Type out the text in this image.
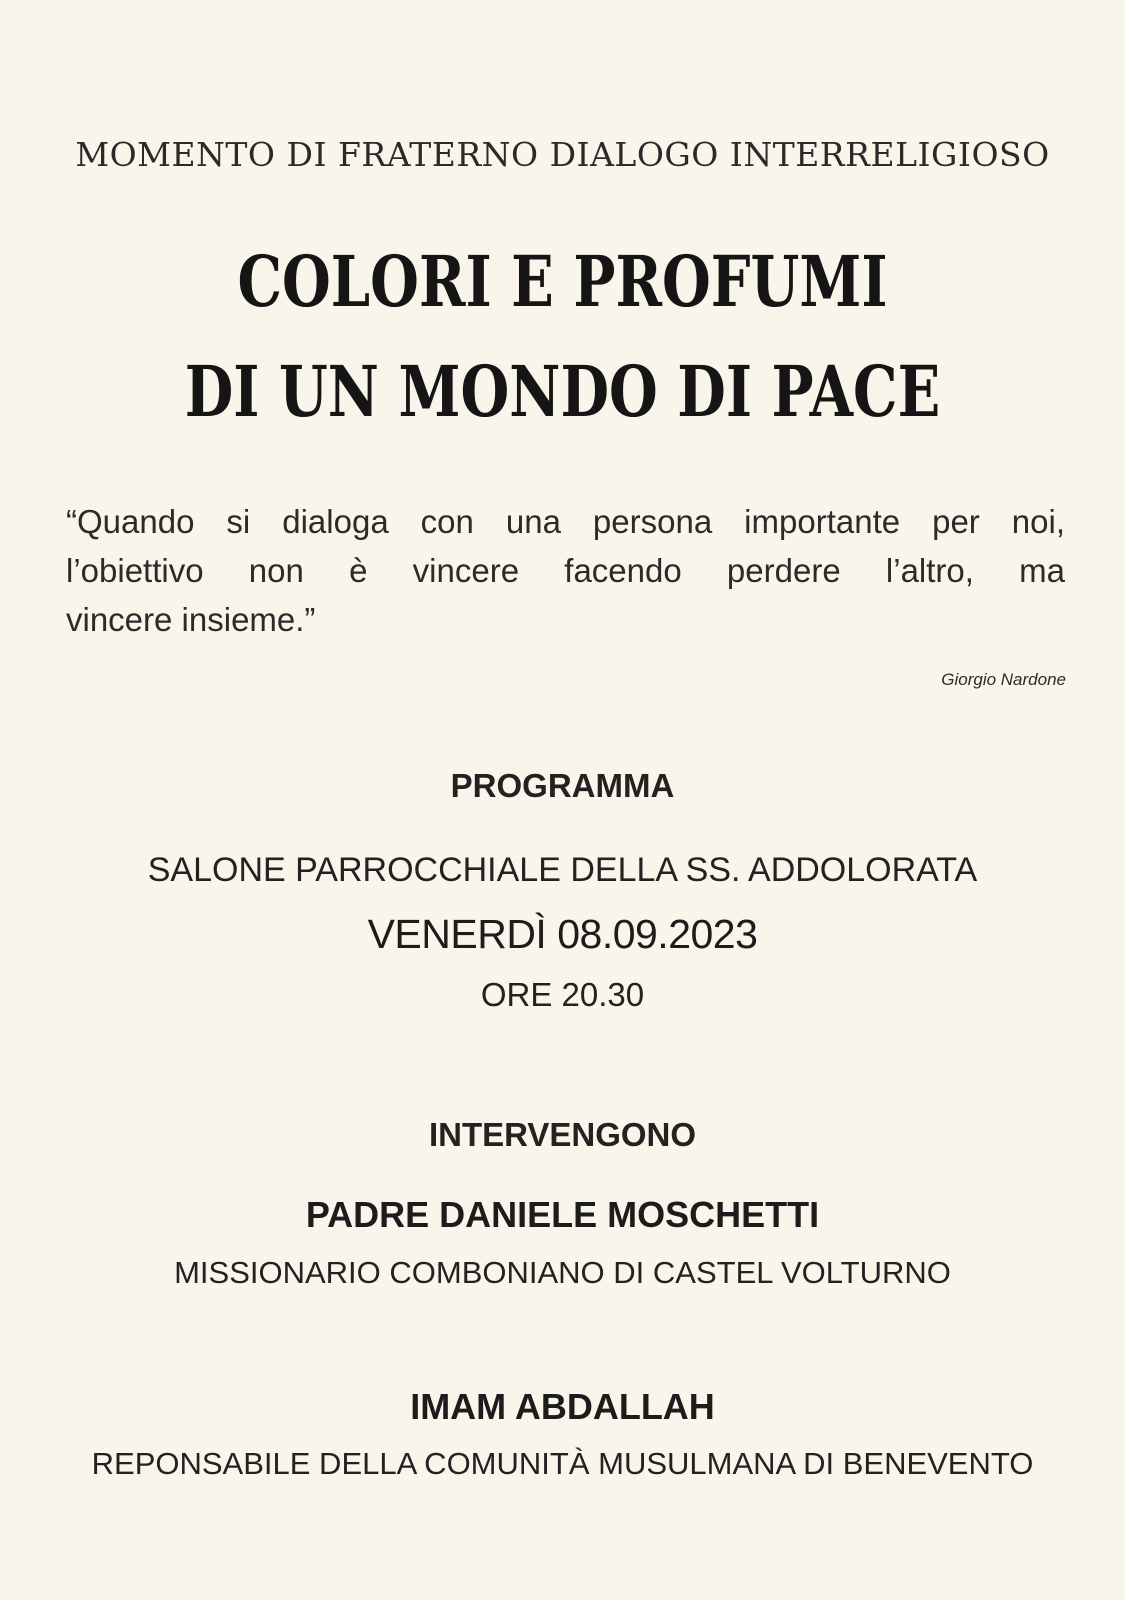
MOMENTO DI FRATERNO DIALOGO INTERRELIGIOSO
COLORI E PROFUMI
DI UN MONDO DI PACE
“Quando si dialoga con una persona importante per noi,
l’obiettivo non è vincere facendo perdere l’altro, ma
vincere insieme.”
Giorgio Nardone
PROGRAMMA
SALONE PARROCCHIALE DELLA SS. ADDOLORATA
VENERDÌ 08.09.2023
ORE 20.30
INTERVENGONO
PADRE DANIELE MOSCHETTI
MISSIONARIO COMBONIANO DI CASTEL VOLTURNO
IMAM ABDALLAH
REPONSABILE DELLA COMUNITÀ MUSULMANA DI BENEVENTO
